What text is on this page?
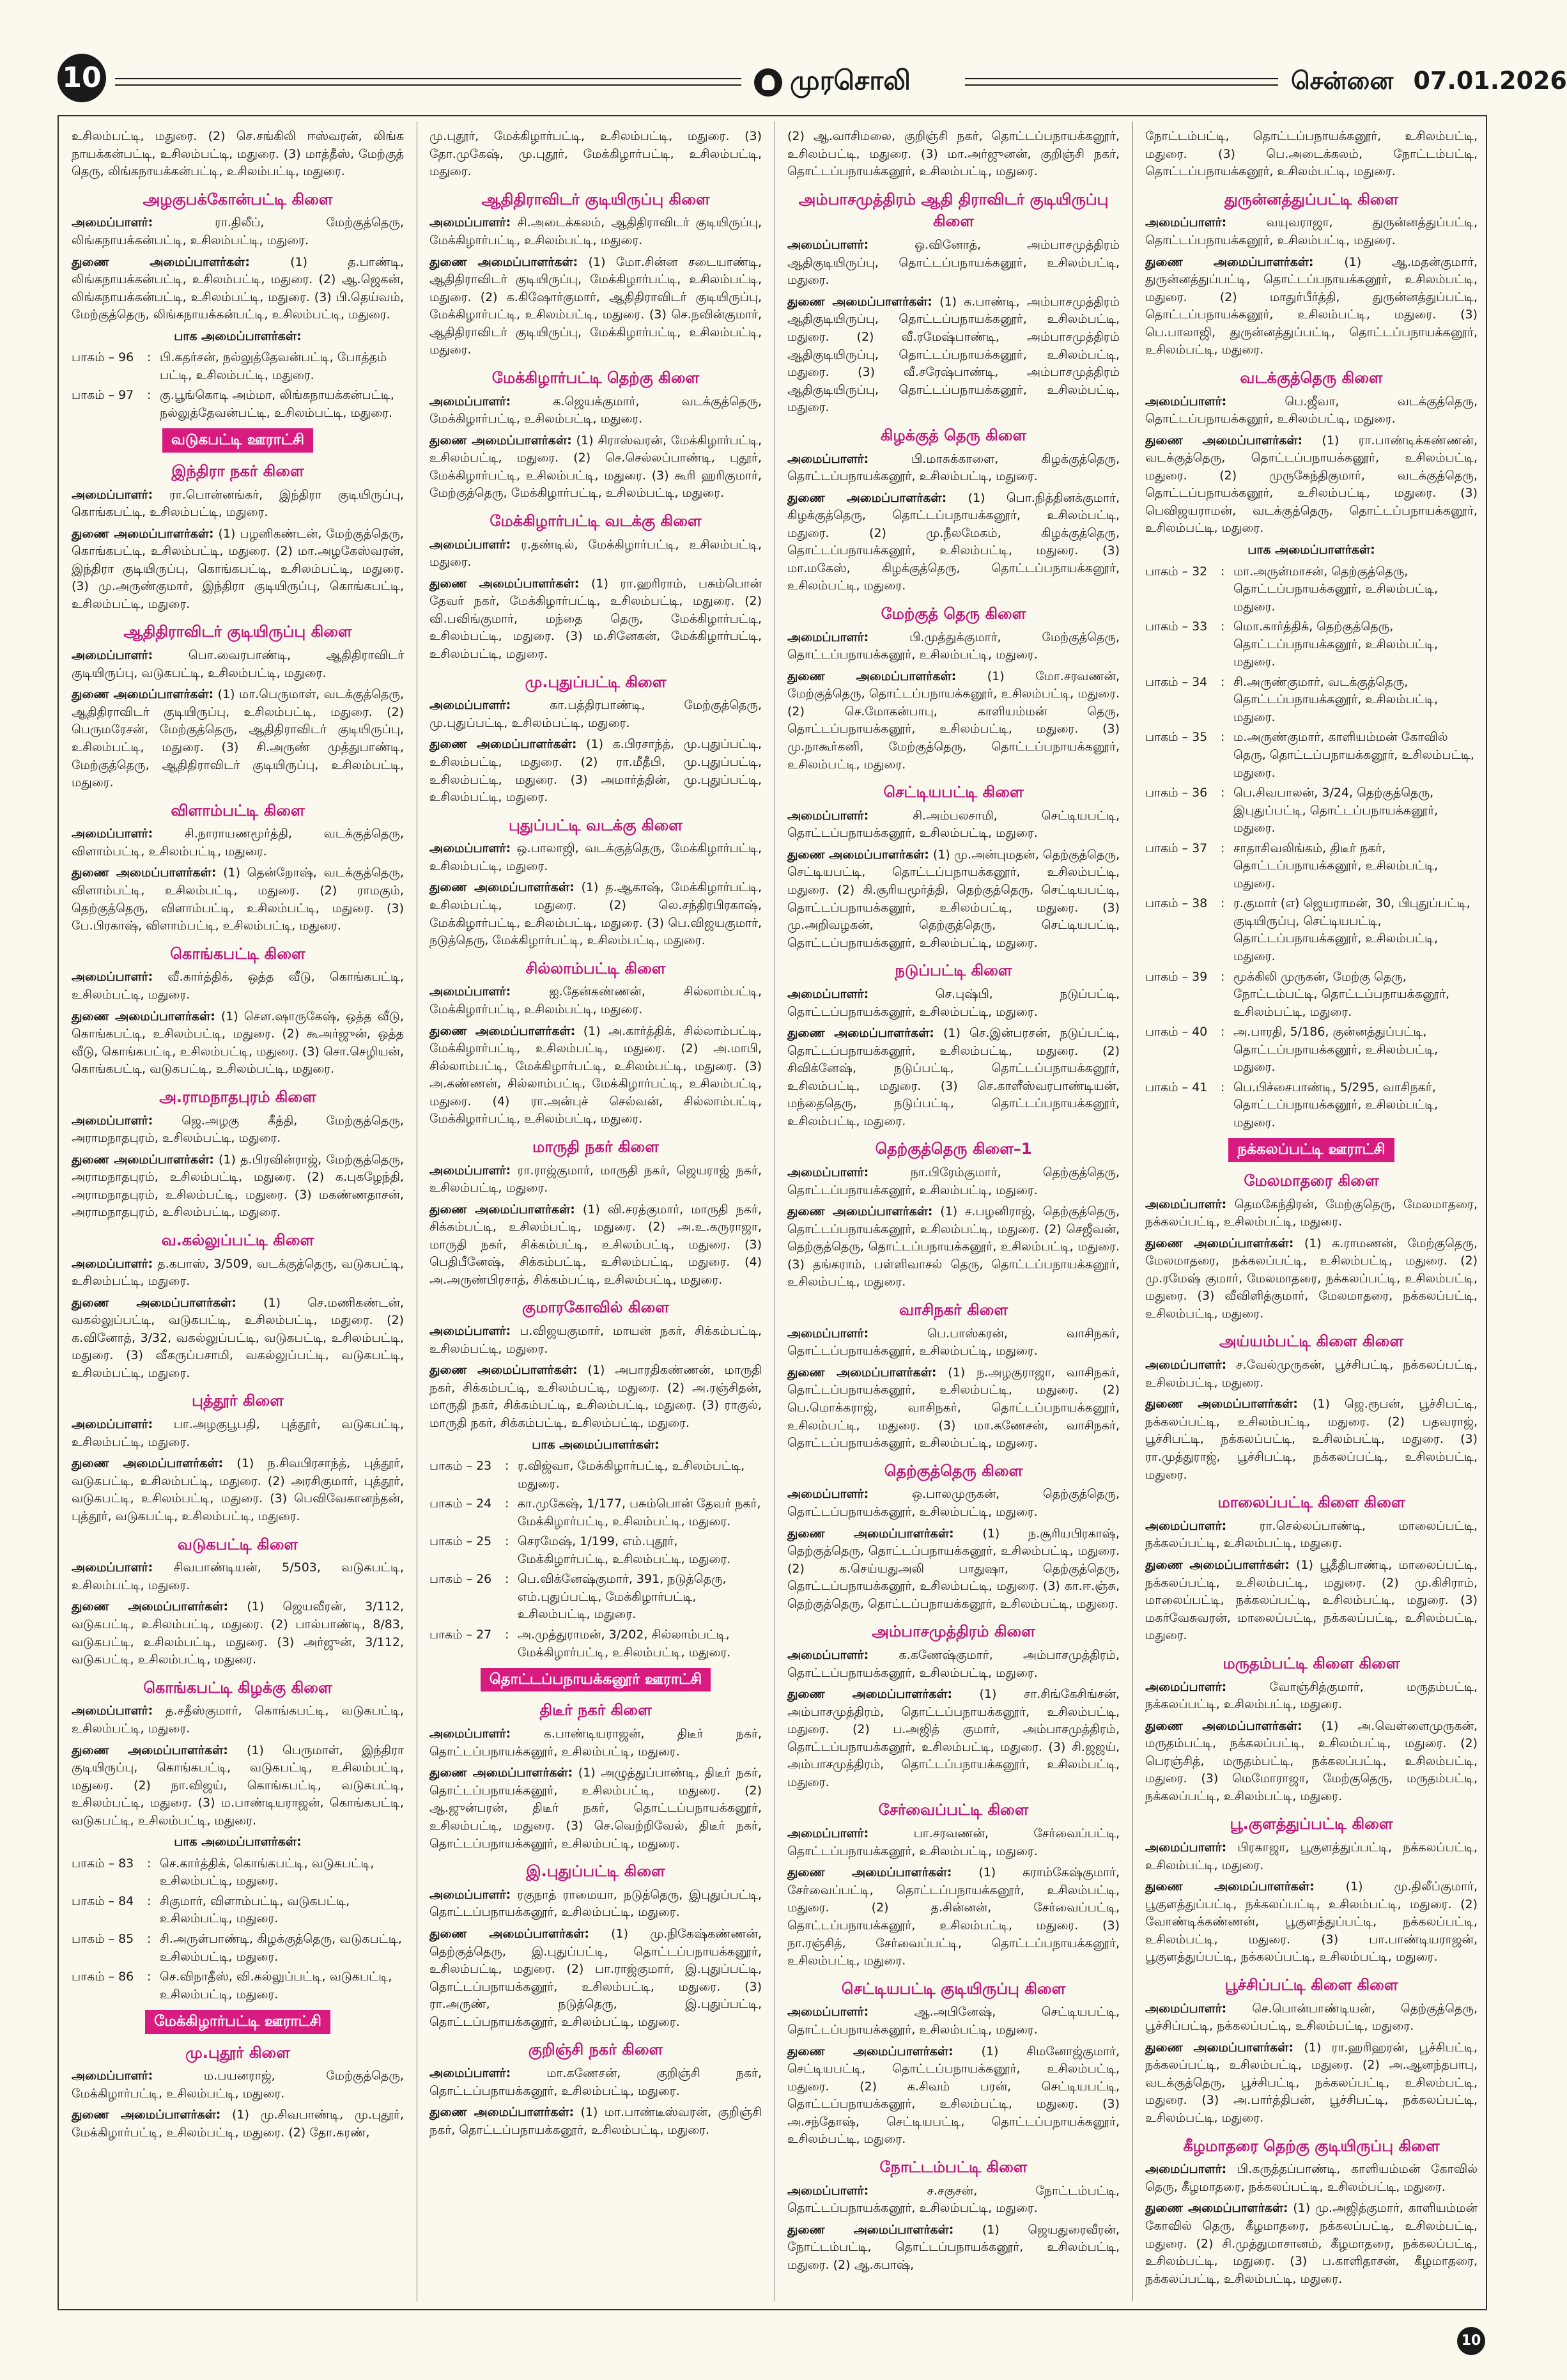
10	முரசொலி	சென்னை 07.01.2026
உசிலம்பட்டி, மதுரை. (2) செ.சங்கிலி ஈஸ்வரன், லிங்க நாயக்கன்பட்டி, உசிலம்பட்டி, மதுரை. (3) மாத்தீஸ், மேற்குத் தெரு, லிங்கநாயக்கன்பட்டி, உசிலம்பட்டி, மதுரை.
அழகுபக்கோன்பட்டி கிளை
அமைப்பாளர்:	ரா.திலீப், மேற்குத்தெரு, லிங்கநாயக்கன்பட்டி, உசிலம்பட்டி, மதுரை.
துணை அமைப்பாளர்கள்:	(1) த.பாண்டி, லிங்கநாயக்கன்பட்டி, உசிலம்பட்டி, மதுரை. (2) ஆ.ஜெகன், லிங்கநாயக்கன்பட்டி, உசிலம்பட்டி, மதுரை. (3) பி.தெய்வம், மேற்குத்தெரு, லிங்கநாயக்கன்பட்டி, உசிலம்பட்டி, மதுரை.
பாக அமைப்பாளர்கள்:
பாகம் – 96	: பி.கதர்சன், நல்லுத்தேவன்பட்டி, போத்தம் பட்டி, உசிலம்பட்டி, மதுரை.
பாகம் – 97	: கு.பூங்கொடி அம்மா, லிங்கநாயக்கன்பட்டி, நல்லுத்தேவன்பட்டி, உசிலம்பட்டி, மதுரை.
வடுகபட்டி ஊராட்சி
இந்திரா நகர் கிளை
அமைப்பாளர்: ரா.பொன்னங்கர், இந்திரா குடியிருப்பு, கொங்கபட்டி, உசிலம்பட்டி, மதுரை.
துணை அமைப்பாளர்கள்: (1) பழனிகண்டன், மேற்குத்தெரு, கொங்கபட்டி, உசிலம்பட்டி, மதுரை. (2) மா.அழகேஸ்வரன், இந்திரா குடியிருப்பு, கொங்கபட்டி, உசிலம்பட்டி, மதுரை. (3) மு.அருண்குமார், இந்திரா குடியிருப்பு, கொங்கபட்டி, உசிலம்பட்டி, மதுரை.
ஆதிதிராவிடர் குடியிருப்பு கிளை
அமைப்பாளர்:	பொ.வைரபாண்டி, ஆதிதிராவிடர் குடியிருப்பு, வடுகபட்டி, உசிலம்பட்டி, மதுரை.
துணை அமைப்பாளர்கள்: (1) மா.பெருமாள், வடக்குத்தெரு, ஆதிதிராவிடர் குடியிருப்பு, உசிலம்பட்டி, மதுரை. (2) பெருமரேசன், மேற்குத்தெரு, ஆதிதிராவிடர் குடியிருப்பு, உசிலம்பட்டி, மதுரை. (3) சி.அருண் முத்துபாண்டி, மேற்குத்தெரு, ஆதிதிராவிடர் குடியிருப்பு, உசிலம்பட்டி, மதுரை.
விளாம்பட்டி கிளை
அமைப்பாளர்:	சி.நாராயணமூர்த்தி, வடக்குத்தெரு, விளாம்பட்டி, உசிலம்பட்டி, மதுரை.
துணை அமைப்பாளர்கள்: (1) தென்றோஷ், வடக்குத்தெரு, விளாம்பட்டி, உசிலம்பட்டி, மதுரை. (2) ராமகும், தெற்குத்தெரு, விளாம்பட்டி, உசிலம்பட்டி, மதுரை. (3) பே.பிரகாஷ், விளாம்பட்டி, உசிலம்பட்டி, மதுரை.
கொங்கபட்டி கிளை
அமைப்பாளர்: வீ.கார்த்திக், ஒத்த வீடு, கொங்கபட்டி, உசிலம்பட்டி, மதுரை.
துணை அமைப்பாளர்கள்: (1) செள.ஷாருகேஷ், ஒத்த வீடு, கொங்கபட்டி, உசிலம்பட்டி, மதுரை. (2) கூஅர்ஜுன், ஒத்த வீடு, கொங்கபட்டி, உசிலம்பட்டி, மதுரை. (3) சொ.செழியன், கொங்கபட்டி, வடுகபட்டி, உசிலம்பட்டி, மதுரை.
அ.ராமநாதபுரம் கிளை
அமைப்பாளர்: ஜெ.அழகு கீத்தி, மேற்குத்தெரு, அராமநாதபுரம், உசிலம்பட்டி, மதுரை.
துணை அமைப்பாளர்கள்: (1) த.பிரவின்ராஜ், மேற்குத்தெரு, அராமநாதபுரம், உசிலம்பட்டி, மதுரை. (2) க.புகழேந்தி, அராமநாதபுரம், உசிலம்பட்டி, மதுரை. (3) மகண்ணதாசன், அராமநாதபுரம், உசிலம்பட்டி, மதுரை.
வ.கல்லுப்பட்டி கிளை
அமைப்பாளர்: த.கபாஸ், 3/509, வடக்குத்தெரு, வடுகபட்டி, உசிலம்பட்டி, மதுரை.
துணை அமைப்பாளர்கள்: (1) செ.மணிகண்டன், வகல்லுப்பட்டி, வடுகபட்டி, உசிலம்பட்டி, மதுரை. (2) க.வினோத், 3/32, வகல்லுப்பட்டி, வடுகபட்டி, உசிலம்பட்டி, மதுரை. (3) வீகருப்பசாமி, வகல்லுப்பட்டி, வடுகபட்டி, உசிலம்பட்டி, மதுரை.
புத்தூர் கிளை
அமைப்பாளர்: பா.அழகுபூபதி, புத்தூர், வடுகபட்டி, உசிலம்பட்டி, மதுரை.
துணை அமைப்பாளர்கள்: (1) ந.சிவபிரசாந்த், புத்தூர், வடுகபட்டி, உசிலம்பட்டி, மதுரை. (2) அரசிகுமார், புத்தூர், வடுகபட்டி, உசிலம்பட்டி, மதுரை. (3) பெவிவேகானந்தன், புத்தூர், வடுகபட்டி, உசிலம்பட்டி, மதுரை.
வடுகபட்டி கிளை
அமைப்பாளர்: சிவபாண்டியன், 5/503, வடுகபட்டி, உசிலம்பட்டி, மதுரை.
துணை அமைப்பாளர்கள்: (1) ஜெயவீரன், 3/112, வடுகபட்டி, உசிலம்பட்டி, மதுரை. (2) பால்பாண்டி, 8/83, வடுகபட்டி, உசிலம்பட்டி, மதுரை. (3) அர்ஜுன், 3/112, வடுகபட்டி, உசிலம்பட்டி, மதுரை.
கொங்கபட்டி கிழக்கு கிளை
அமைப்பாளர்: த.சதீஸ்குமார், கொங்கபட்டி, வடுகபட்டி, உசிலம்பட்டி, மதுரை.
துணை அமைப்பாளர்கள்: (1) பெருமாள், இந்திரா குடியிருப்பு, கொங்கபட்டி, வடுகபட்டி, உசிலம்பட்டி, மதுரை. (2) நா.விஜய், கொங்கபட்டி, வடுகபட்டி, உசிலம்பட்டி, மதுரை. (3) ம.பாண்டியராஜன், கொங்கபட்டி, வடுகபட்டி, உசிலம்பட்டி, மதுரை.
பாக அமைப்பாளர்கள்:
பாகம் – 83	: செ.கார்த்திக், கொங்கபட்டி, வடுகபட்டி, உசிலம்பட்டி, மதுரை.
பாகம் – 84	: சிகுமார், விளாம்பட்டி, வடுகபட்டி, உசிலம்பட்டி, மதுரை.
பாகம் – 85	: சி.அருள்பாண்டி, கிழக்குத்தெரு, வடுகபட்டி, உசிலம்பட்டி, மதுரை.
பாகம் – 86	: செ.விநாதீஸ், வி.கல்லுப்பட்டி, வடுகபட்டி, உசிலம்பட்டி, மதுரை.
மேக்கிழார்பட்டி ஊராட்சி
மு.புதூர் கிளை
அமைப்பாளர்:	ம.பயனராஜ், மேற்குத்தெரு, மேக்கிழார்பட்டி, உசிலம்பட்டி, மதுரை.
துணை அமைப்பாளர்கள்: (1) மு.சிவபாண்டி, மு.புதூர், மேக்கிழார்பட்டி, உசிலம்பட்டி, மதுரை. (2) தோ.கரண்,
மு.புதூர், மேக்கிழார்பட்டி, உசிலம்பட்டி, மதுரை. (3) தோ.முகேஷ், மு.புதூர், மேக்கிழார்பட்டி, உசிலம்பட்டி, மதுரை.
ஆதிதிராவிடர் குடியிருப்பு கிளை
அமைப்பாளர்: சி.அடைக்கலம், ஆதிதிராவிடர் குடியிருப்பு, மேக்கிழார்பட்டி, உசிலம்பட்டி, மதுரை.
துணை அமைப்பாளர்கள்: (1) மோ.சின்ன சடையாண்டி, ஆதிதிராவிடர் குடியிருப்பு, மேக்கிழார்பட்டி, உசிலம்பட்டி, மதுரை. (2) க.கிஷோர்குமார், ஆதிதிராவிடர் குடியிருப்பு, மேக்கிழார்பட்டி, உசிலம்பட்டி, மதுரை. (3) செ.நவின்குமார், ஆதிதிராவிடர் குடியிருப்பு, மேக்கிழார்பட்டி, உசிலம்பட்டி, மதுரை.
மேக்கிழார்பட்டி தெற்கு கிளை
அமைப்பாளர்:	க.ஜெயக்குமார், வடக்குத்தெரு, மேக்கிழார்பட்டி, உசிலம்பட்டி, மதுரை.
துணை அமைப்பாளர்கள்: (1) சிராஸ்வரன், மேக்கிழார்பட்டி, உசிலம்பட்டி, மதுரை. (2) செ.செல்லப்பாண்டி, புதூர், மேக்கிழார்பட்டி, உசிலம்பட்டி, மதுரை. (3) கூரி ஹரிகுமார், மேற்குத்தெரு, மேக்கிழார்பட்டி, உசிலம்பட்டி, மதுரை.
மேக்கிழார்பட்டி வடக்கு கிளை
அமைப்பாளர்: ர.தண்டில், மேக்கிழார்பட்டி, உசிலம்பட்டி, மதுரை.
துணை அமைப்பாளர்கள்: (1) ரா.ஹரிராம், பசும்பொன் தேவர் நகர், மேக்கிழார்பட்டி, உசிலம்பட்டி, மதுரை. (2) வி.பவிங்குமார், மந்தை தெரு, மேக்கிழார்பட்டி, உசிலம்பட்டி, மதுரை. (3) ம.சினேகன், மேக்கிழார்பட்டி, உசிலம்பட்டி, மதுரை.
மு.புதுப்பட்டி கிளை
அமைப்பாளர்:	கா.பத்திரபாண்டி, மேற்குத்தெரு, மு.புதுப்பட்டி, உசிலம்பட்டி, மதுரை.
துணை அமைப்பாளர்கள்: (1) க.பிரசாந்த், மு.புதுப்பட்டி, உசிலம்பட்டி, மதுரை. (2) ரா.மீதீபி, மு.புதுப்பட்டி, உசிலம்பட்டி, மதுரை. (3) அமார்த்தின், மு.புதுப்பட்டி, உசிலம்பட்டி, மதுரை.
புதுப்பட்டி வடக்கு கிளை
அமைப்பாளர்: ஒ.பாலாஜி, வடக்குத்தெரு, மேக்கிழார்பட்டி, உசிலம்பட்டி, மதுரை.
துணை அமைப்பாளர்கள்: (1) த.ஆகாஷ், மேக்கிழார்பட்டி, உசிலம்பட்டி, மதுரை. (2) லெ.சந்திரபிரகாஷ், மேக்கிழார்பட்டி, உசிலம்பட்டி, மதுரை. (3) பெ.விஜயகுமார், நடுத்தெரு, மேக்கிழார்பட்டி, உசிலம்பட்டி, மதுரை.
சில்லாம்பட்டி கிளை
அமைப்பாளர்:	ஐ.தேன்கண்ணன், சில்லாம்பட்டி, மேக்கிழார்பட்டி, உசிலம்பட்டி, மதுரை.
துணை அமைப்பாளர்கள்: (1) அ.கார்த்திக், சில்லாம்பட்டி, மேக்கிழார்பட்டி, உசிலம்பட்டி, மதுரை. (2) அ.மாபி, சில்லாம்பட்டி, மேக்கிழார்பட்டி, உசிலம்பட்டி, மதுரை. (3) அ.கண்ணன், சில்லாம்பட்டி, மேக்கிழார்பட்டி, உசிலம்பட்டி, மதுரை. (4) ரா.அன்புச் செல்வன், சில்லாம்பட்டி, மேக்கிழார்பட்டி, உசிலம்பட்டி, மதுரை.
மாருதி நகர் கிளை
அமைப்பாளர்: ரா.ராஜ்குமார், மாருதி நகர், ஜெயராஜ் நகர், உசிலம்பட்டி, மதுரை.
துணை அமைப்பாளர்கள்: (1) வி.சரத்குமார், மாருதி நகர், சிக்கம்பட்டி, உசிலம்பட்டி, மதுரை. (2) அ.உ.கருராஜா, மாருதி நகர், சிக்கம்பட்டி, உசிலம்பட்டி, மதுரை. (3) பெதிபீனேஷ், சிக்கம்பட்டி, உசிலம்பட்டி, மதுரை. (4) அ.அருண்பிரசாத், சிக்கம்பட்டி, உசிலம்பட்டி, மதுரை.
குமாரகோவில் கிளை
அமைப்பாளர்: ப.விஜயகுமார், மாயன் நகர், சிக்கம்பட்டி, உசிலம்பட்டி, மதுரை.
துணை அமைப்பாளர்கள்: (1) அபாரதிகண்ணன், மாருதி நகர், சிக்கம்பட்டி, உசிலம்பட்டி, மதுரை. (2) அ.ரஞ்சிதன், மாருதி நகர், சிக்கம்பட்டி, உசிலம்பட்டி, மதுரை. (3) ராகுல், மாருதி நகர், சிக்கம்பட்டி, உசிலம்பட்டி, மதுரை.
பாக அமைப்பாளர்கள்:
பாகம் – 23	: ர.விஜ்வா, மேக்கிழார்பட்டி, உசிலம்பட்டி, மதுரை.
பாகம் – 24	: கா.முகேஷ், 1/177, பசும்பொன் தேவர் நகர், மேக்கிழார்பட்டி, உசிலம்பட்டி, மதுரை.
பாகம் – 25	: செரமேஷ், 1/199, எம்.புதூர், மேக்கிழார்பட்டி, உசிலம்பட்டி, மதுரை.
பாகம் – 26	: பெ.விக்னேஷ்குமார், 391, நடுத்தெரு, எம்.புதுப்பட்டி, மேக்கிழார்பட்டி, உசிலம்பட்டி, மதுரை.
பாகம் – 27	: அ.முத்துராமன், 3/202, சில்லாம்பட்டி, மேக்கிழார்பட்டி, உசிலம்பட்டி, மதுரை.
தொட்டப்பநாயக்கனூர் ஊராட்சி
திடீர் நகர் கிளை
அமைப்பாளர்:	க.பாண்டியராஜன், திடீர் நகர், தொட்டப்பநாயக்கனூர், உசிலம்பட்டி, மதுரை.
துணை அமைப்பாளர்கள்: (1) அழுத்துப்பாண்டி, திடீர் நகர், தொட்டப்பநாயக்கனூர், உசிலம்பட்டி, மதுரை. (2) ஆ.ஜுன்பரன், திடீர் நகர், தொட்டப்பநாயக்கனூர், உசிலம்பட்டி, மதுரை. (3) செ.வெற்றிவேல், திடீர் நகர், தொட்டப்பநாயக்கனூர், உசிலம்பட்டி, மதுரை.
இ.புதுப்பட்டி கிளை
அமைப்பாளர்: ரகுநாத் ராமையா, நடுத்தெரு, இபுதுப்பட்டி, தொட்டப்பநாயக்கனூர், உசிலம்பட்டி, மதுரை.
துணை அமைப்பாளர்கள்: (1) மு.நிகேஷ்கண்ணன், தெற்குத்தெரு, இ.புதுப்பட்டி, தொட்டப்பநாயக்கனூர், உசிலம்பட்டி, மதுரை. (2) பா.ராஜ்குமார், இ.புதுப்பட்டி, தொட்டப்பநாயக்கனூர், உசிலம்பட்டி, மதுரை. (3) ரா.அருண், நடுத்தெரு, இ.புதுப்பட்டி, தொட்டப்பநாயக்கனூர், உசிலம்பட்டி, மதுரை.
குறிஞ்சி நகர் கிளை
அமைப்பாளர்:	மா.கணேசன், குறிஞ்சி நகர், தொட்டப்பநாயக்கனூர், உசிலம்பட்டி, மதுரை.
துணை அமைப்பாளர்கள்: (1) மா.பாண்டீஸ்வரன், குறிஞ்சி நகர், தொட்டப்பநாயக்கனூர், உசிலம்பட்டி, மதுரை.
(2) ஆ.வாசிமலை, குறிஞ்சி நகர், தொட்டப்பநாயக்கனூர், உசிலம்பட்டி, மதுரை. (3) மா.அர்ஜுனன், குறிஞ்சி நகர், தொட்டப்பநாயக்கனூர், உசிலம்பட்டி, மதுரை.
அம்பாசமுத்திரம் ஆதி திராவிடர் குடியிருப்பு கிளை
அமைப்பாளர்:	ஒ.வினோத், அம்பாசமுத்திரம் ஆதிகுடியிருப்பு, தொட்டப்பநாயக்கனூர், உசிலம்பட்டி, மதுரை.
துணை அமைப்பாளர்கள்: (1) க.பாண்டி, அம்பாசமுத்திரம் ஆதிகுடியிருப்பு, தொட்டப்பநாயக்கனூர், உசிலம்பட்டி, மதுரை. (2) வீ.ரமேஷ்பாண்டி, அம்பாசமுத்திரம் ஆதிகுடியிருப்பு, தொட்டப்பநாயக்கனூர், உசிலம்பட்டி, மதுரை. (3) வீ.சரேஷ்பாண்டி, அம்பாசமுத்திரம் ஆதிகுடியிருப்பு, தொட்டப்பநாயக்கனூர், உசிலம்பட்டி, மதுரை.
கிழக்குத் தெரு கிளை
அமைப்பாளர்:	பி.மாசுக்காளை, கிழக்குத்தெரு, தொட்டப்பநாயக்கனூர், உசிலம்பட்டி, மதுரை.
துணை அமைப்பாளர்கள்: (1) பொ.நித்தினக்குமார், கிழக்குத்தெரு, தொட்டப்பநாயக்கனூர், உசிலம்பட்டி, மதுரை. (2) மு.நீலமேகம், கிழக்குத்தெரு, தொட்டப்பநாயக்கனூர், உசிலம்பட்டி, மதுரை. (3) மா.மகேஸ், கிழக்குத்தெரு, தொட்டப்பநாயக்கனூர், உசிலம்பட்டி, மதுரை.
மேற்குத் தெரு கிளை
அமைப்பாளர்:	பி.முத்துக்குமார், மேற்குத்தெரு, தொட்டப்பநாயக்கனூர், உசிலம்பட்டி, மதுரை.
துணை அமைப்பாளர்கள்:	(1) மோ.சரவணன், மேற்குத்தெரு, தொட்டப்பநாயக்கனூர், உசிலம்பட்டி, மதுரை. (2) செ.மோகன்பாபு, காளியம்மன் தெரு, தொட்டப்பநாயக்கனூர், உசிலம்பட்டி, மதுரை. (3) மு.நாகூர்கனி, மேற்குத்தெரு, தொட்டப்பநாயக்கனூர், உசிலம்பட்டி, மதுரை.
செட்டியபட்டி கிளை
அமைப்பாளர்:	சி.அம்பலசாமி, செட்டியபட்டி, தொட்டப்பநாயக்கனூர், உசிலம்பட்டி, மதுரை.
துணை அமைப்பாளர்கள்: (1) மு.அன்புமதன், தெற்குத்தெரு, செட்டியபட்டி, தொட்டப்பநாயக்கனூர், உசிலம்பட்டி, மதுரை. (2) கி.சூரியமூர்த்தி, தெற்குத்தெரு, செட்டியபட்டி, தொட்டப்பநாயக்கனூர், உசிலம்பட்டி, மதுரை. (3) மு.அறிவழகன், தெற்குத்தெரு, செட்டியபட்டி, தொட்டப்பநாயக்கனூர், உசிலம்பட்டி, மதுரை.
நடுப்பட்டி கிளை
அமைப்பாளர்:	செ.புஷ்பி, நடுப்பட்டி, தொட்டப்பநாயக்கனூர், உசிலம்பட்டி, மதுரை.
துணை அமைப்பாளர்கள்: (1) செ.இன்பரசன், நடுப்பட்டி, தொட்டப்பநாயக்கனூர், உசிலம்பட்டி, மதுரை. (2) சிவிக்னேஷ், நடுப்பட்டி, தொட்டப்பநாயக்கனூர், உசிலம்பட்டி, மதுரை. (3) செ.காளீஸ்வரபாண்டியன், மந்தைதெரு, நடுப்பட்டி, தொட்டப்பநாயக்கனூர், உசிலம்பட்டி, மதுரை.
தெற்குத்தெரு கிளை–1
அமைப்பாளர்:	நா.பிரேம்குமார், தெற்குத்தெரு, தொட்டப்பநாயக்கனூர், உசிலம்பட்டி, மதுரை.
துணை அமைப்பாளர்கள்: (1) ச.பழனிராஜ், தெற்குத்தெரு, தொட்டப்பநாயக்கனூர், உசிலம்பட்டி, மதுரை. (2) செஜீவன், தெற்குத்தெரு, தொட்டப்பநாயக்கனூர், உசிலம்பட்டி, மதுரை. (3) தங்கராம், பள்ளிவாசல் தெரு, தொட்டப்பநாயக்கனூர், உசிலம்பட்டி, மதுரை.
வாசிநகர் கிளை
அமைப்பாளர்:	பெ.பாஸ்கரன், வாசிநகர், தொட்டப்பநாயக்கனூர், உசிலம்பட்டி, மதுரை.
துணை அமைப்பாளர்கள்: (1) ந.அழகுராஜா, வாசிநகர், தொட்டப்பநாயக்கனூர், உசிலம்பட்டி, மதுரை. (2) பெ.மொக்கராஜ், வாசிநகர், தொட்டப்பநாயக்கனூர், உசிலம்பட்டி, மதுரை. (3) மா.கணேசன், வாசிநகர், தொட்டப்பநாயக்கனூர், உசிலம்பட்டி, மதுரை.
தெற்குத்தெரு கிளை
அமைப்பாளர்:	ஒ.பாலமுருகன், தெற்குத்தெரு, தொட்டப்பநாயக்கனூர், உசிலம்பட்டி, மதுரை.
துணை அமைப்பாளர்கள்: (1) ந.சூரியபிரகாஷ், தெற்குத்தெரு, தொட்டப்பநாயக்கனூர், உசிலம்பட்டி, மதுரை. (2) க.செய்யதுஅலி பாதுஷா, தெற்குத்தெரு, தொட்டப்பநாயக்கனூர், உசிலம்பட்டி, மதுரை. (3) கா.ஈ.ஞ்சு, தெற்குத்தெரு, தொட்டப்பநாயக்கனூர், உசிலம்பட்டி, மதுரை.
அம்பாசமுத்திரம் கிளை
அமைப்பாளர்: க.கணேஷ்குமார், அம்பாசமுத்திரம், தொட்டப்பநாயக்கனூர், உசிலம்பட்டி, மதுரை.
துணை அமைப்பாளர்கள்: (1) சா.சிங்கேசிங்சன், அம்பாசமுத்திரம், தொட்டப்பநாயக்கனூர், உசிலம்பட்டி, மதுரை. (2) ப.அஜித் குமார், அம்பாசமுத்திரம், தொட்டப்பநாயக்கனூர், உசிலம்பட்டி, மதுரை. (3) சி.ஜஜய், அம்பாசமுத்திரம், தொட்டப்பநாயக்கனூர், உசிலம்பட்டி, மதுரை.
சேர்வைப்பட்டி கிளை
அமைப்பாளர்:	பா.சரவணன், சேர்வைப்பட்டி, தொட்டப்பநாயக்கனூர், உசிலம்பட்டி, மதுரை.
துணை அமைப்பாளர்கள்: (1) கராம்கேஷ்குமார், சேர்வைப்பட்டி, தொட்டப்பநாயக்கனூர், உசிலம்பட்டி, மதுரை. (2) த.சின்னன், சேர்வைப்பட்டி, தொட்டப்பநாயக்கனூர், உசிலம்பட்டி, மதுரை. (3) நா.ரஞ்சித், சேர்வைப்பட்டி, தொட்டப்பநாயக்கனூர், உசிலம்பட்டி, மதுரை.
செட்டியபட்டி குடியிருப்பு கிளை
அமைப்பாளர்:	ஆ.அபினேஷ், செட்டியபட்டி, தொட்டப்பநாயக்கனூர், உசிலம்பட்டி, மதுரை.
துணை அமைப்பாளர்கள்: (1) சிமனோஜ்குமார், செட்டியபட்டி, தொட்டப்பநாயக்கனூர், உசிலம்பட்டி, மதுரை. (2) க.சிவம் பரன், செட்டியபட்டி, தொட்டப்பநாயக்கனூர், உசிலம்பட்டி, மதுரை. (3) அ.சந்தோஷ், செட்டியபட்டி, தொட்டப்பநாயக்கனூர், உசிலம்பட்டி, மதுரை.
நோட்டம்பட்டி கிளை
அமைப்பாளர்:	ச.சகுசன், நோட்டம்பட்டி, தொட்டப்பநாயக்கனூர், உசிலம்பட்டி, மதுரை.
துணை அமைப்பாளர்கள்: (1) ஜெயதுரைவீரன், நோட்டம்பட்டி, தொட்டப்பநாயக்கனூர், உசிலம்பட்டி, மதுரை. (2) ஆ.கபாஷ்,
நோட்டம்பட்டி, தொட்டப்பநாயக்கனூர், உசிலம்பட்டி, மதுரை. (3) பெ.அடைக்கலம், நோட்டம்பட்டி, தொட்டப்பநாயக்கனூர், உசிலம்பட்டி, மதுரை.
துருன்னத்துப்பட்டி கிளை
அமைப்பாளர்:	வயுவராஜா, துருன்னத்துப்பட்டி, தொட்டப்பநாயக்கனூர், உசிலம்பட்டி, மதுரை.
துணை அமைப்பாளர்கள்:	(1) ஆ.மதன்குமார், துருன்னத்துப்பட்டி, தொட்டப்பநாயக்கனூர், உசிலம்பட்டி, மதுரை. (2) மாதுர்பீர்த்தி, துருன்னத்துப்பட்டி, தொட்டப்பநாயக்கனூர், உசிலம்பட்டி, மதுரை. (3) பெ.பாலாஜி, துருன்னத்துப்பட்டி, தொட்டப்பநாயக்கனூர், உசிலம்பட்டி, மதுரை.
வடக்குத்தெரு கிளை
அமைப்பாளர்:	பெ.ஜீவா, வடக்குத்தெரு, தொட்டப்பநாயக்கனூர், உசிலம்பட்டி, மதுரை.
துணை அமைப்பாளர்கள்: (1) ரா.பாண்டிக்கண்ணன், வடக்குத்தெரு, தொட்டப்பநாயக்கனூர், உசிலம்பட்டி, மதுரை. (2) முருகேந்திகுமார், வடக்குத்தெரு, தொட்டப்பநாயக்கனூர், உசிலம்பட்டி, மதுரை. (3) பெவிஜயராமன், வடக்குத்தெரு, தொட்டப்பநாயக்கனூர், உசிலம்பட்டி, மதுரை.
பாக அமைப்பாளர்கள்:
பாகம் – 32	: மா.அருள்மாசன், தெற்குத்தெரு, தொட்டப்பநாயக்கனூர், உசிலம்பட்டி, மதுரை.
பாகம் – 33	: மொ.கார்த்திக், தெற்குத்தெரு, தொட்டப்பநாயக்கனூர், உசிலம்பட்டி, மதுரை.
பாகம் – 34	: சி.அருண்குமார், வடக்குத்தெரு, தொட்டப்பநாயக்கனூர், உசிலம்பட்டி, மதுரை.
பாகம் – 35	: ம.அருண்குமார், காளியம்மன் கோவில் தெரு, தொட்டப்பநாயக்கனூர், உசிலம்பட்டி, மதுரை.
பாகம் – 36	: பெ.சிவபாலன், 3/24, தெற்குத்தெரு, இபுதுப்பட்டி, தொட்டப்பநாயக்கனூர், மதுரை.
பாகம் – 37	: சாதாசிவலிங்கம், திடீர் நகர், தொட்டப்பநாயக்கனூர், உசிலம்பட்டி, மதுரை.
பாகம் – 38	: ர.குமார் (எ) ஜெயராமன், 30, பிபுதுப்பட்டி, குடியிருப்பு, செட்டியபட்டி, தொட்டப்பநாயக்கனூர், உசிலம்பட்டி, மதுரை.
பாகம் – 39	: மூக்கிலி முருகன், மேற்கு தெரு, நோட்டம்பட்டி, தொட்டப்பநாயக்கனூர், உசிலம்பட்டி, மதுரை.
பாகம் – 40	: அ.பாரதி, 5/186, குன்னத்துப்பட்டி, தொட்டப்பநாயக்கனூர், உசிலம்பட்டி, மதுரை.
பாகம் – 41	: பெ.பிச்சைபாண்டி, 5/295, வாசிநகர், தொட்டப்பநாயக்கனூர், உசிலம்பட்டி, மதுரை.
நக்கலப்பட்டி ஊராட்சி
மேலமாதரை கிளை
அமைப்பாளர்: தெமகேந்திரன், மேற்குதெரு, மேலமாதரை, நக்கலப்பட்டி, உசிலம்பட்டி, மதுரை.
துணை அமைப்பாளர்கள்: (1) க.ராமணன், மேற்குதெரு, மேலமாதரை, நக்கலப்பட்டி, உசிலம்பட்டி, மதுரை. (2) மு.ரமேஷ் குமார், மேலமாதரை, நக்கலப்பட்டி, உசிலம்பட்டி, மதுரை. (3) வீவிளித்குமார், மேலமாதரை, நக்கலப்பட்டி, உசிலம்பட்டி, மதுரை.
அய்யம்பட்டி கிளை கிளை
அமைப்பாளர்: ச.வேல்முருகன், பூச்சிபட்டி, நக்கலப்பட்டி, உசிலம்பட்டி, மதுரை.
துணை அமைப்பாளர்கள்: (1) ஜெ.ரூபன், பூச்சிபட்டி, நக்கலப்பட்டி, உசிலம்பட்டி, மதுரை. (2) பதவராஜ், பூச்சிபட்டி, நக்கலப்பட்டி, உசிலம்பட்டி, மதுரை. (3) ரா.முத்துராஜ், பூச்சிபட்டி, நக்கலப்பட்டி, உசிலம்பட்டி, மதுரை.
மாலைப்பட்டி கிளை கிளை
அமைப்பாளர்:	ரா.செல்லப்பாண்டி, மாலைப்பட்டி, நக்கலப்பட்டி, உசிலம்பட்டி, மதுரை.
துணை அமைப்பாளர்கள்: (1) பூதீதிபாண்டி, மாலைப்பட்டி, நக்கலப்பட்டி, உசிலம்பட்டி, மதுரை. (2) மு.கிசிராம், மாலைப்பட்டி, நக்கலப்பட்டி, உசிலம்பட்டி, மதுரை. (3) மகர்வேசுவரன், மாலைப்பட்டி, நக்கலப்பட்டி, உசிலம்பட்டி, மதுரை.
மருதம்பட்டி கிளை கிளை
அமைப்பாளர்:	வோஞ்சித்குமார், மருதம்பட்டி, நக்கலப்பட்டி, உசிலம்பட்டி, மதுரை.
துணை அமைப்பாளர்கள்: (1) அ.வெள்ளைமுருகன், மருதம்பட்டி, நக்கலப்பட்டி, உசிலம்பட்டி, மதுரை. (2) பெரஞ்சித், மருதம்பட்டி, நக்கலப்பட்டி, உசிலம்பட்டி, மதுரை. (3) மெமோராஜா, மேற்குதெரு, மருதம்பட்டி, நக்கலப்பட்டி, உசிலம்பட்டி, மதுரை.
பூ.குளத்துப்பட்டி கிளை
அமைப்பாளர்: பிரகாஜா, பூகுளத்துப்பட்டி, நக்கலப்பட்டி, உசிலம்பட்டி, மதுரை.
துணை அமைப்பாளர்கள்:	(1) மு.திலீப்குமார், பூகுளத்துப்பட்டி, நக்கலப்பட்டி, உசிலம்பட்டி, மதுரை. (2) வோண்டிக்கண்ணன், பூகுளத்துப்பட்டி, நக்கலப்பட்டி, உசிலம்பட்டி, மதுரை. (3) பா.பாண்டியராஜன், பூகுளத்துப்பட்டி, நக்கலப்பட்டி, உசிலம்பட்டி, மதுரை.
பூச்சிப்பட்டி கிளை கிளை
அமைப்பாளர்: செ.பொன்பாண்டியன், தெற்குத்தெரு, பூச்சிப்பட்டி, நக்கலப்பட்டி, உசிலம்பட்டி, மதுரை.
துணை அமைப்பாளர்கள்: (1) ரா.ஹரிஹரன், பூச்சிபட்டி, நக்கலப்பட்டி, உசிலம்பட்டி, மதுரை. (2) அ.ஆனந்தபாபு, வடக்குத்தெரு, பூச்சிபட்டி, நக்கலப்பட்டி, உசிலம்பட்டி, மதுரை. (3) அ.பார்த்திபன், பூச்சிபட்டி, நக்கலப்பட்டி, உசிலம்பட்டி, மதுரை.
கீழமாதரை தெற்கு குடியிருப்பு கிளை
அமைப்பாளர்: பி.கருத்தப்பாண்டி, காளியம்மன் கோவில் தெரு, கீழமாதரை, நக்கலப்பட்டி, உசிலம்பட்டி, மதுரை.
துணை அமைப்பாளர்கள்: (1) மு.அஜித்குமார், காளியம்மன் கோவில் தெரு, கீழமாதரை, நக்கலப்பட்டி, உசிலம்பட்டி, மதுரை. (2) சி.முத்துமாசானம், கீழமாதரை, நக்கலப்பட்டி, உசிலம்பட்டி, மதுரை. (3) ப.காளிதாசன், கீழமாதரை, நக்கலப்பட்டி, உசிலம்பட்டி, மதுரை.
10
